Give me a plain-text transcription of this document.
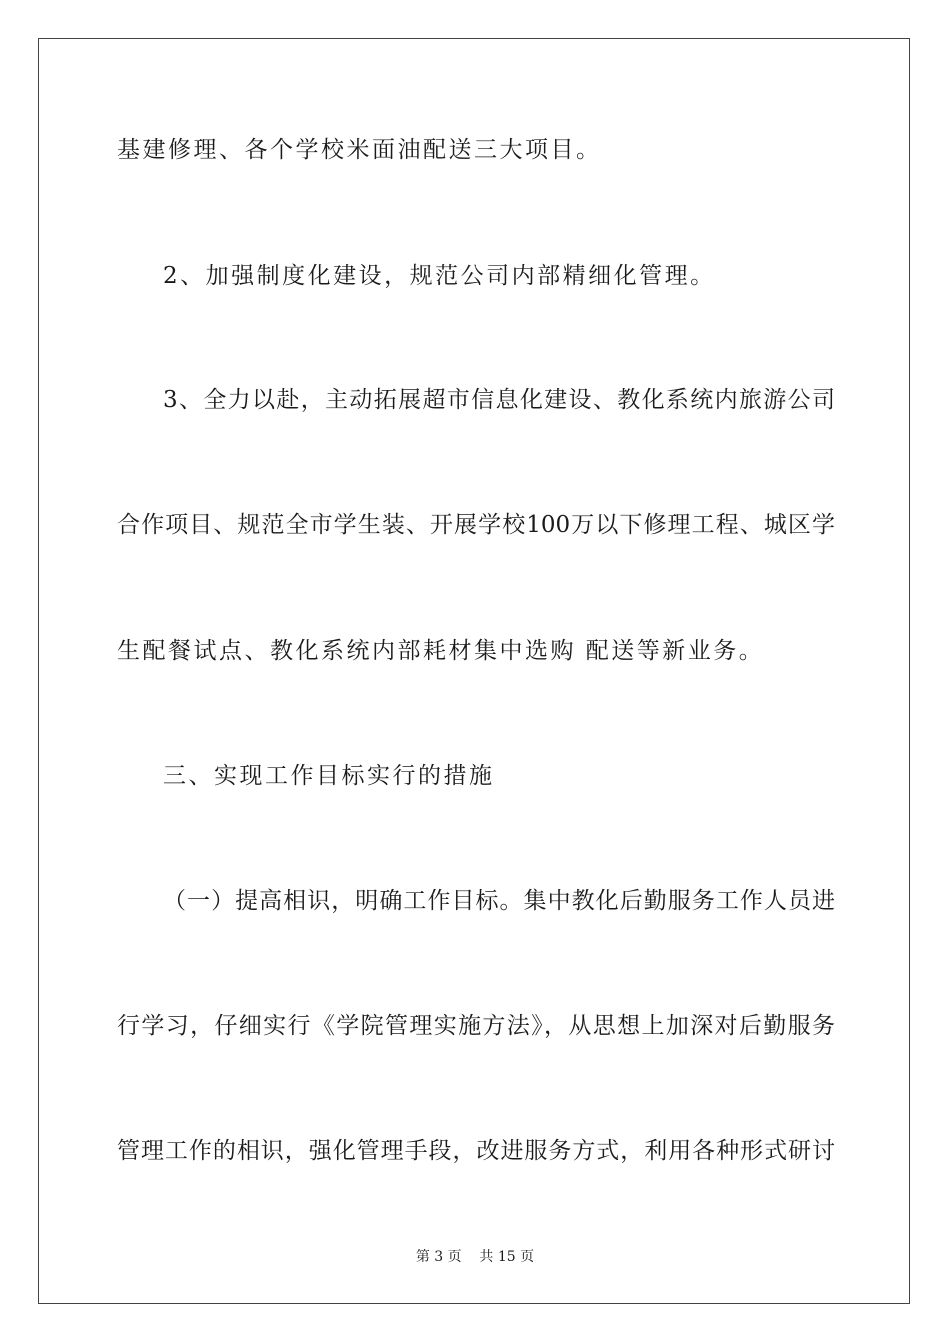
基建修理、各个学校米面油配送三大项目。
2、加强制度化建设，规范公司内部精细化管理。
3、全力以赴，主动拓展超市信息化建设、教化系统内旅游公司
合作项目、规范全市学生装、开展学校100万以下修理工程、城区学
生配餐试点、教化系统内部耗材集中选购 配送等新业务。
三、实现工作目标实行的措施
（一）提高相识，明确工作目标。集中教化后勤服务工作人员进
行学习，仔细实行《学院管理实施方法》，从思想上加深对后勤服务
管理工作的相识，强化管理手段，改进服务方式，利用各种形式研讨
第 3 页    共 15 页
